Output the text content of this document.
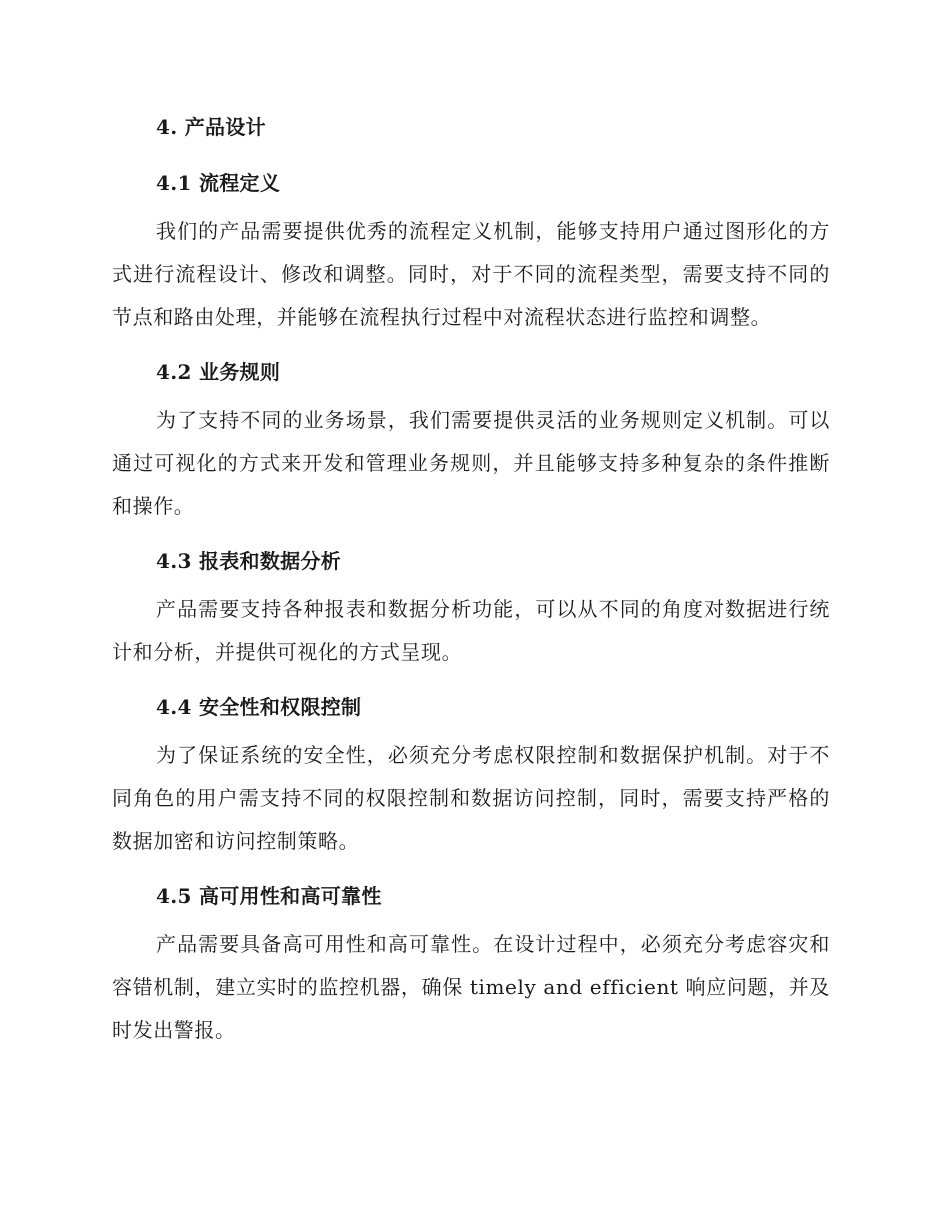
4. 产品设计
4.1 流程定义

我们的产品需要提供优秀的流程定义机制，能够支持用户通过图形化的方式进行流程设计、修改和调整。同时，对于不同的流程类型，需要支持不同的节点和路由处理，并能够在流程执行过程中对流程状态进行监控和调整。

4.2 业务规则

为了支持不同的业务场景，我们需要提供灵活的业务规则定义机制。可以通过可视化的方式来开发和管理业务规则，并且能够支持多种复杂的条件推断和操作。

4.3 报表和数据分析

产品需要支持各种报表和数据分析功能，可以从不同的角度对数据进行统计和分析，并提供可视化的方式呈现。

4.4 安全性和权限控制

为了保证系统的安全性，必须充分考虑权限控制和数据保护机制。对于不同角色的用户需支持不同的权限控制和数据访问控制，同时，需要支持严格的数据加密和访问控制策略。

4.5 高可用性和高可靠性

产品需要具备高可用性和高可靠性。在设计过程中，必须充分考虑容灾和容错机制，建立实时的监控机器，确保 timely and efficient 响应问题，并及时发出警报。
